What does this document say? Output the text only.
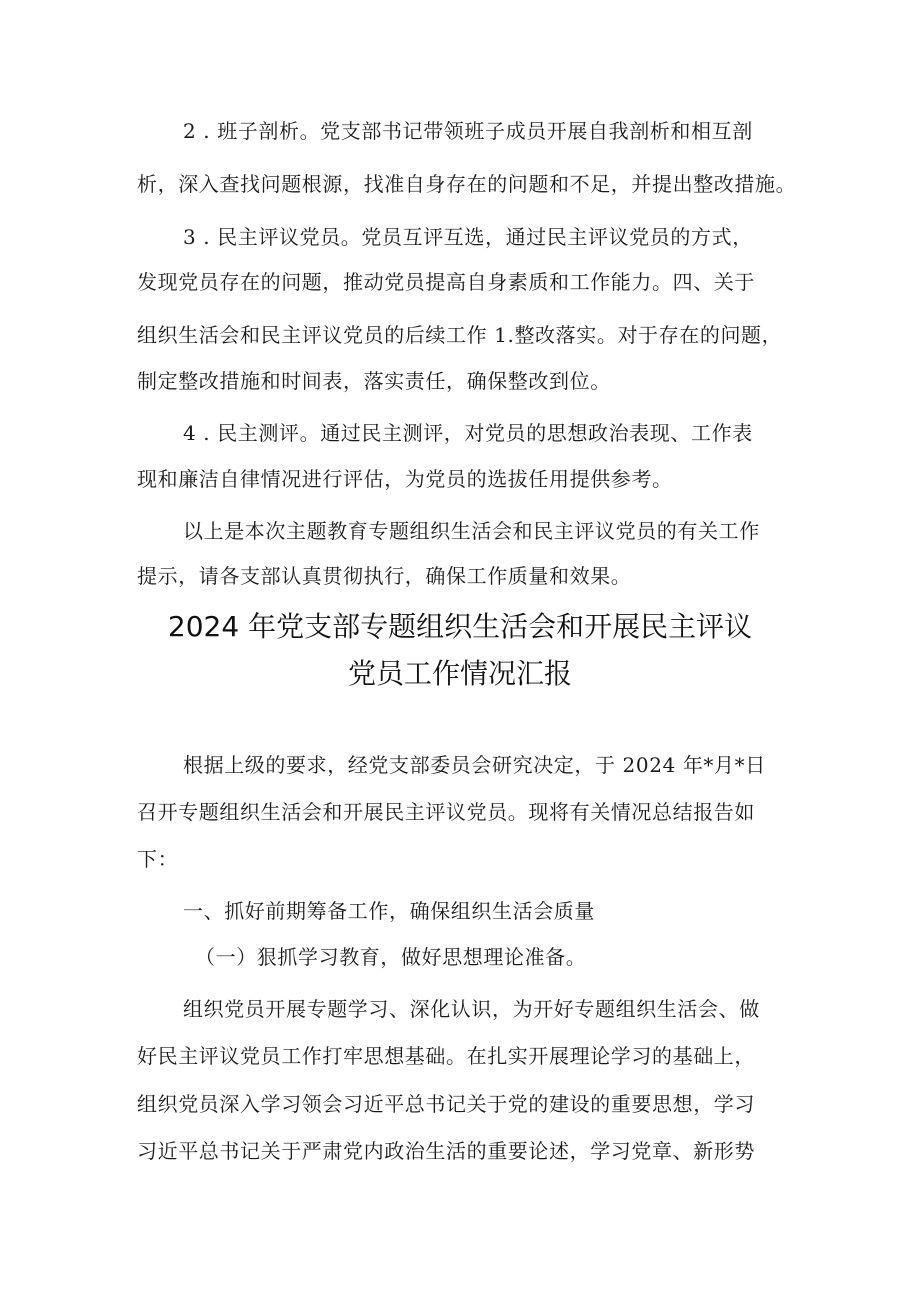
2 . 班子剖析。党支部书记带领班子成员开展自我剖析和相互剖
析，深入查找问题根源，找准自身存在的问题和不足，并提出整改措施。
3 . 民主评议党员。党员互评互选，通过民主评议党员的方式，
发现党员存在的问题，推动党员提高自身素质和工作能力。四、关于
组织生活会和民主评议党员的后续工作 1.整改落实。对于存在的问题，
制定整改措施和时间表，落实责任，确保整改到位。
4 . 民主测评。通过民主测评，对党员的思想政治表现、工作表
现和廉洁自律情况进行评估，为党员的选拔任用提供参考。
以上是本次主题教育专题组织生活会和民主评议党员的有关工作
提示，请各支部认真贯彻执行，确保工作质量和效果。
2024 年党支部专题组织生活会和开展民主评议
党员工作情况汇报
根据上级的要求，经党支部委员会研究决定，于 2024 年*月*日
召开专题组织生活会和开展民主评议党员。现将有关情况总结报告如
下：
一、抓好前期筹备工作，确保组织生活会质量
（一）狠抓学习教育，做好思想理论准备。
组织党员开展专题学习、深化认识，为开好专题组织生活会、做
好民主评议党员工作打牢思想基础。在扎实开展理论学习的基础上，
组织党员深入学习领会习近平总书记关于党的建设的重要思想，学习
习近平总书记关于严肃党内政治生活的重要论述，学习党章、新形势
